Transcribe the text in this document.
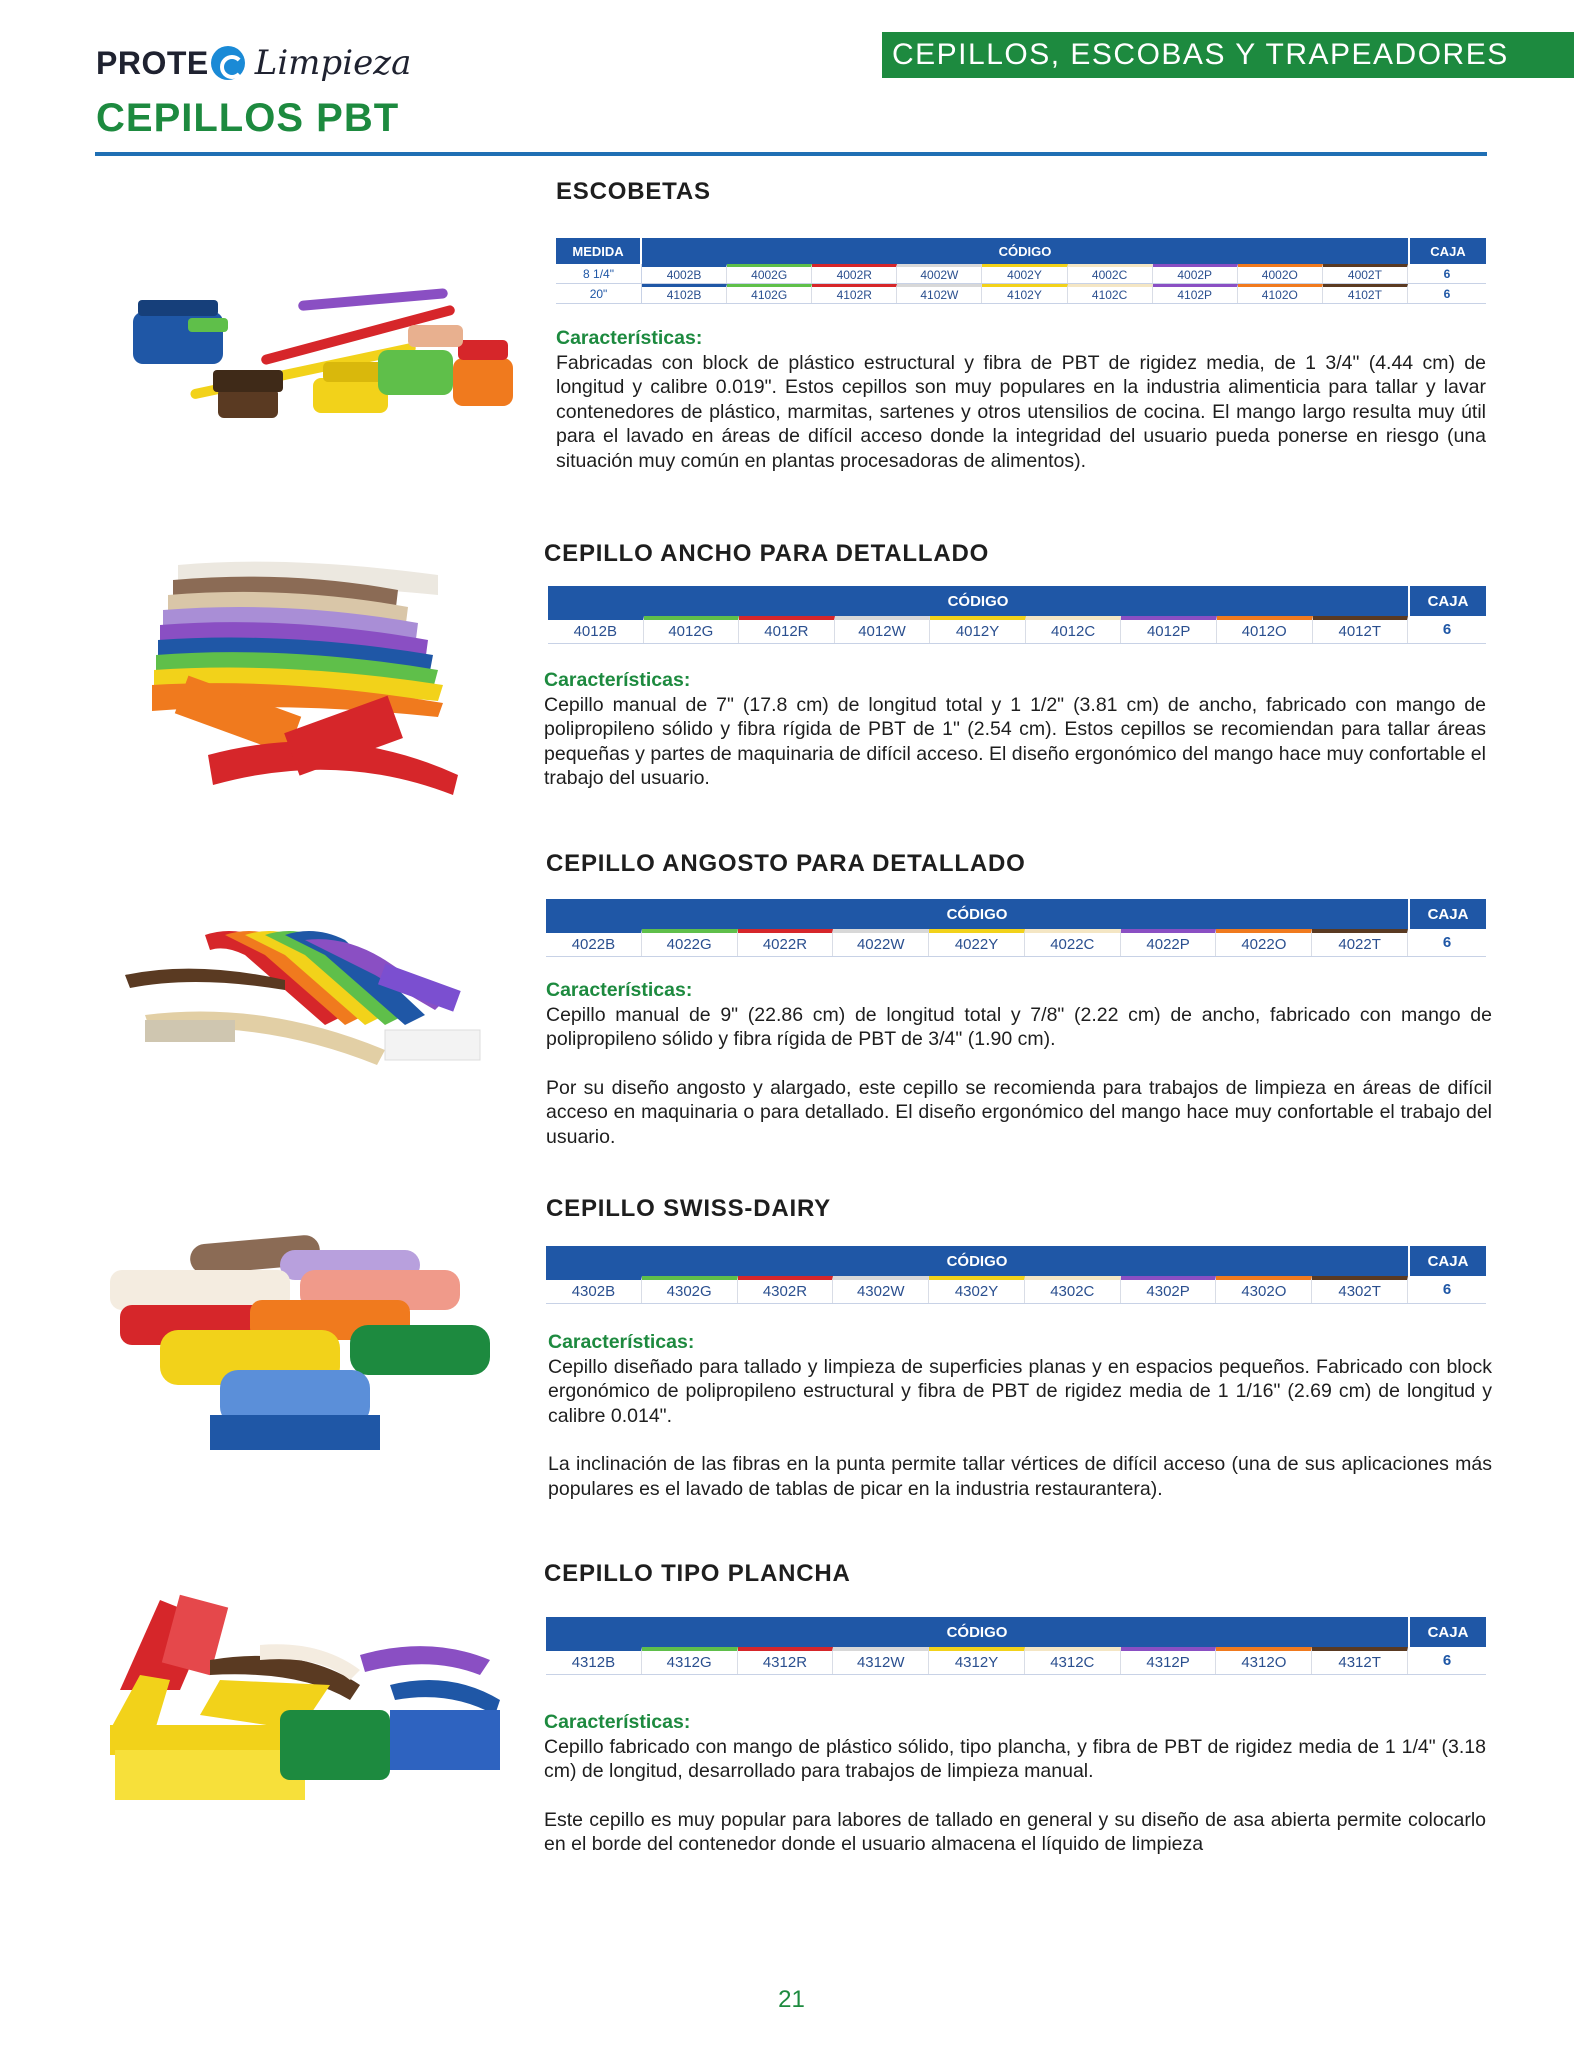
PROTE Limpieza	CEPILLOS, ESCOBAS Y TRAPEADORES
CEPILLOS PBT
ESCOBETAS
MEDIDA	CÓDIGO	CAJA
8 1/4"	4002B	4002G	4002R	4002W	4002Y	4002C	4002P	4002O	4002T	6
20"	4102B	4102G	4102R	4102W	4102Y	4102C	4102P	4102O	4102T	6
Características:

Fabricadas con block de plástico estructural y fibra de PBT de rigidez media, de 1 3/4" (4.44 cm) de longitud y calibre 0.019". Estos cepillos son muy populares en la industria alimenticia para tallar y lavar contenedores de plástico, marmitas, sartenes y otros utensilios de cocina. El mango largo resulta muy útil para el lavado en áreas de difícil acceso donde la integridad del usuario pueda ponerse en riesgo (una situación muy común en plantas procesadoras de alimentos).

CEPILLO ANCHO PARA DETALLADO
CÓDIGO	CAJA
4012B	4012G	4012R	4012W	4012Y	4012C	4012P	4012O	4012T	6
Características:

Cepillo manual de 7" (17.8 cm) de longitud total y 1 1/2" (3.81 cm) de ancho, fabricado con mango de polipropileno sólido y fibra rígida de PBT de 1" (2.54 cm). Estos cepillos se recomiendan para tallar áreas pequeñas y partes de maquinaria de difícil acceso. El diseño ergonómico del mango hace muy confortable el trabajo del usuario.

CEPILLO ANGOSTO PARA DETALLADO
CÓDIGO	CAJA
4022B	4022G	4022R	4022W	4022Y	4022C	4022P	4022O	4022T	6
Características:

Cepillo manual de 9" (22.86 cm) de longitud total y 7/8" (2.22 cm) de ancho, fabricado con mango de polipropileno sólido y fibra rígida de PBT de 3/4" (1.90 cm).

Por su diseño angosto y alargado, este cepillo se recomienda para trabajos de limpieza en áreas de difícil acceso en maquinaria o para detallado. El diseño ergonómico del mango hace muy confortable el trabajo del usuario.

CEPILLO SWISS-DAIRY
CÓDIGO	CAJA
4302B	4302G	4302R	4302W	4302Y	4302C	4302P	4302O	4302T	6
Características:

Cepillo diseñado para tallado y limpieza de superficies planas y en espacios pequeños. Fabricado con block ergonómico de polipropileno estructural y fibra de PBT de rigidez media de 1 1/16" (2.69 cm) de longitud y calibre 0.014".

La inclinación de las fibras en la punta permite tallar vértices de difícil acceso (una de sus aplicaciones más populares es el lavado de tablas de picar en la industria restaurantera).

CEPILLO TIPO PLANCHA
CÓDIGO	CAJA
4312B	4312G	4312R	4312W	4312Y	4312C	4312P	4312O	4312T	6
Características:

Cepillo fabricado con mango de plástico sólido, tipo plancha, y fibra de PBT de rigidez media de 1 1/4" (3.18 cm) de longitud, desarrollado para trabajos de limpieza manual.

Este cepillo es muy popular para labores de tallado en general y su diseño de asa abierta permite colocarlo en el borde del contenedor donde el usuario almacena el líquido de limpieza

21
